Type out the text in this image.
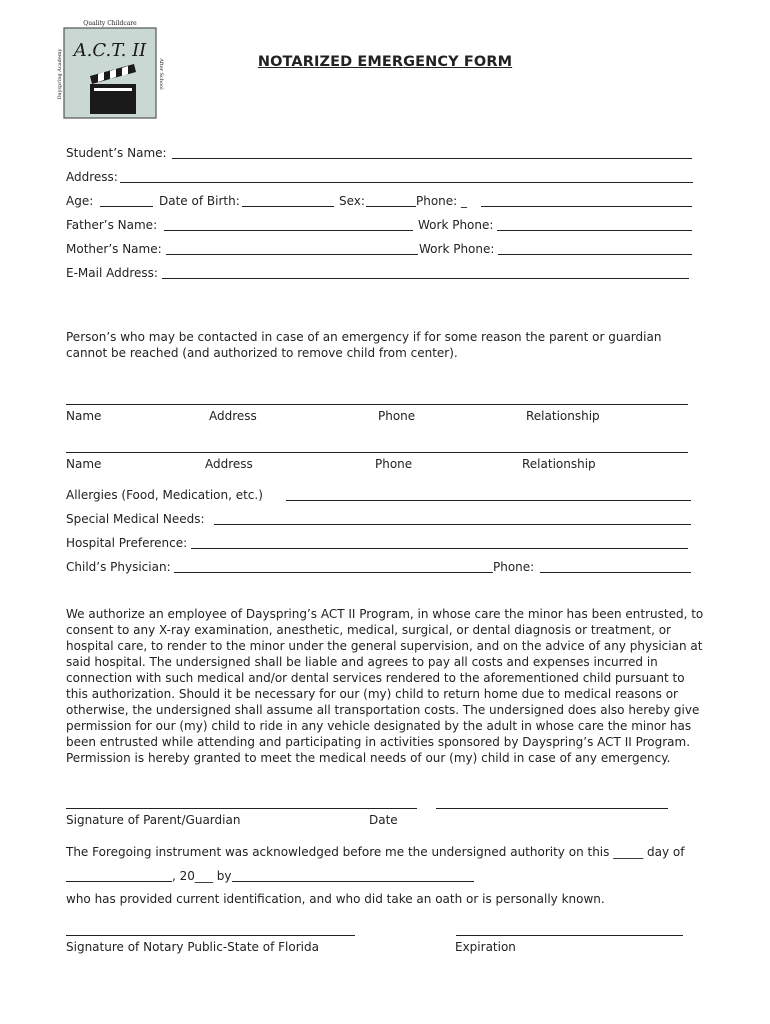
Quality Childcare
Dayspring Academy	After School
A.C.T. II
NOTARIZED EMERGENCY FORM
Student’s Name:
Address:
Age:	Date of Birth:	Sex:	Phone: _
Father’s Name:	Work Phone:
Mother’s Name:	Work Phone:
E-Mail Address:
Person’s who may be contacted in case of an emergency if for some reason the parent or guardian cannot be reached (and authorized to remove child from center).
Name	Address	Phone	Relationship
Name	Address	Phone	Relationship
Allergies (Food, Medication, etc.)
Special Medical Needs:
Hospital Preference:
Child’s Physician:	Phone:
We authorize an employee of Dayspring’s ACT II Program, in whose care the minor has been entrusted, to consent to any X-ray examination, anesthetic, medical, surgical, or dental diagnosis or treatment, or hospital care, to render to the minor under the general supervision, and on the advice of any physician at said hospital. The undersigned shall be liable and agrees to pay all costs and expenses incurred in connection with such medical and/or dental services rendered to the aforementioned child pursuant to this authorization. Should it be necessary for our (my) child to return home due to medical reasons or otherwise, the undersigned shall assume all transportation costs. The undersigned does also hereby give permission for our (my) child to ride in any vehicle designated by the adult in whose care the minor has been entrusted while attending and participating in activities sponsored by Dayspring’s ACT II Program. Permission is hereby granted to meet the medical needs of our (my) child in case of any emergency.
Signature of Parent/Guardian	Date
The Foregoing instrument was acknowledged before me the undersigned authority on this _____ day of
, 20___ by
who has provided current identification, and who did take an oath or is personally known.
Signature of Notary Public-State of Florida	Expiration
